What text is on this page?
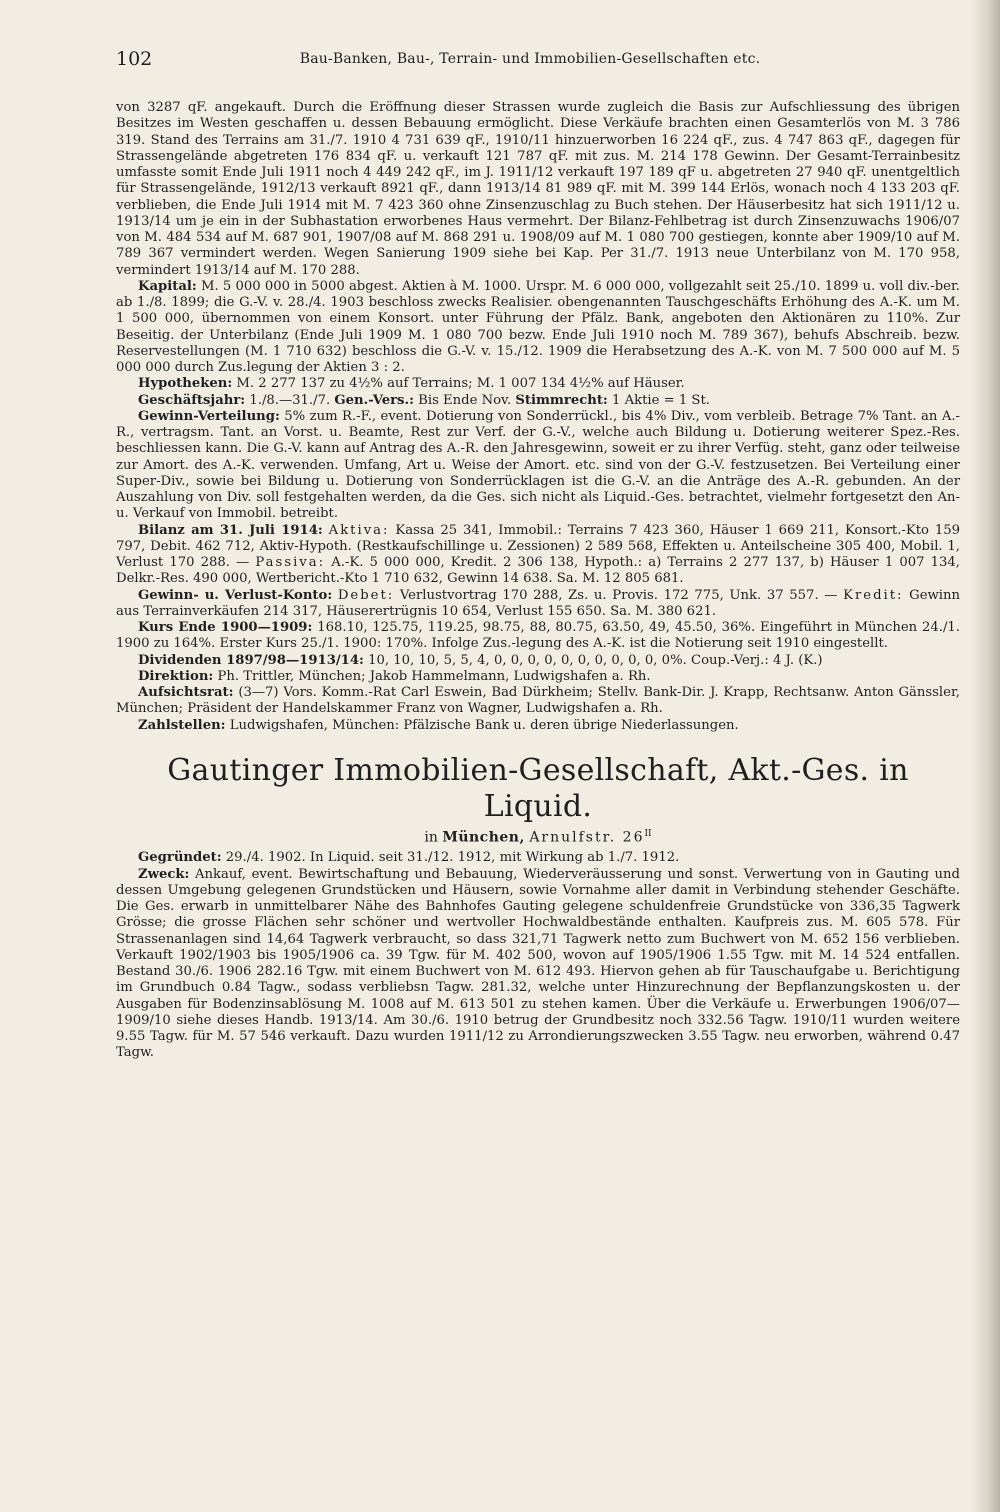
102	Bau-Banken, Bau-, Terrain- und Immobilien-Gesellschaften etc.

von 3287 qF. angekauft. Durch die Eröffnung dieser Strassen wurde zugleich die Basis zur Aufschliessung des übrigen Besitzes im Westen geschaffen u. dessen Bebauung ermöglicht. Diese Verkäufe brachten einen Gesamterlös von M. 3 786 319. Stand des Terrains am 31./7. 1910 4 731 639 qF., 1910/11 hinzuerworben 16 224 qF., zus. 4 747 863 qF., dagegen für Strassengelände abgetreten 176 834 qF. u. verkauft 121 787 qF. mit zus. M. 214 178 Gewinn. Der Gesamt-Terrainbesitz umfasste somit Ende Juli 1911 noch 4 449 242 qF., im J. 1911/12 verkauft 197 189 qF u. abgetreten 27 940 qF. unentgeltlich für Strassengelände, 1912/13 verkauft 8921 qF., dann 1913/14 81 989 qF. mit M. 399 144 Erlös, wonach noch 4 133 203 qF. verblieben, die Ende Juli 1914 mit M. 7 423 360 ohne Zinsenzuschlag zu Buch stehen. Der Häuserbesitz hat sich 1911/12 u. 1913/14 um je ein in der Subhastation erworbenes Haus vermehrt. Der Bilanz-Fehlbetrag ist durch Zinsenzuwachs 1906/07 von M. 484 534 auf M. 687 901, 1907/08 auf M. 868 291 u. 1908/09 auf M. 1 080 700 gestiegen, konnte aber 1909/10 auf M. 789 367 vermindert werden. Wegen Sanierung 1909 siehe bei Kap. Per 31./7. 1913 neue Unterbilanz von M. 170 958, vermindert 1913/14 auf M. 170 288.

Kapital: M. 5 000 000 in 5000 abgest. Aktien à M. 1000. Urspr. M. 6 000 000, vollgezahlt seit 25./10. 1899 u. voll div.-ber. ab 1./8. 1899; die G.-V. v. 28./4. 1903 beschloss zwecks Realisier. obengenannten Tauschgeschäfts Erhöhung des A.-K. um M. 1 500 000, übernommen von einem Konsort. unter Führung der Pfälz. Bank, angeboten den Aktionären zu 110%. Zur Beseitig. der Unterbilanz (Ende Juli 1909 M. 1 080 700 bezw. Ende Juli 1910 noch M. 789 367), behufs Abschreib. bezw. Reservestellungen (M. 1 710 632) beschloss die G.-V. v. 15./12. 1909 die Herabsetzung des A.-K. von M. 7 500 000 auf M. 5 000 000 durch Zus.legung der Aktien 3 : 2.

Hypotheken: M. 2 277 137 zu 4½% auf Terrains; M. 1 007 134 4½% auf Häuser.

Geschäftsjahr: 1./8.—31./7. Gen.-Vers.: Bis Ende Nov. Stimmrecht: 1 Aktie = 1 St.

Gewinn-Verteilung: 5% zum R.-F., event. Dotierung von Sonderrückl., bis 4% Div., vom verbleib. Betrage 7% Tant. an A.-R., vertragsm. Tant. an Vorst. u. Beamte, Rest zur Verf. der G.-V., welche auch Bildung u. Dotierung weiterer Spez.-Res. beschliessen kann. Die G.-V. kann auf Antrag des A.-R. den Jahresgewinn, soweit er zu ihrer Verfüg. steht, ganz oder teilweise zur Amort. des A.-K. verwenden. Umfang, Art u. Weise der Amort. etc. sind von der G.-V. festzusetzen. Bei Verteilung einer Super-Div., sowie bei Bildung u. Dotierung von Sonderrücklagen ist die G.-V. an die Anträge des A.-R. gebunden. An der Auszahlung von Div. soll festgehalten werden, da die Ges. sich nicht als Liquid.-Ges. betrachtet, vielmehr fortgesetzt den An- u. Verkauf von Immobil. betreibt.

Bilanz am 31. Juli 1914: Aktiva: Kassa 25 341, Immobil.: Terrains 7 423 360, Häuser 1 669 211, Konsort.-Kto 159 797, Debit. 462 712, Aktiv-Hypoth. (Restkaufschillinge u. Zessionen) 2 589 568, Effekten u. Anteilscheine 305 400, Mobil. 1, Verlust 170 288. — Passiva: A.-K. 5 000 000, Kredit. 2 306 138, Hypoth.: a) Terrains 2 277 137, b) Häuser 1 007 134, Delkr.-Res. 490 000, Wertbericht.-Kto 1 710 632, Gewinn 14 638. Sa. M. 12 805 681.

Gewinn- u. Verlust-Konto: Debet: Verlustvortrag 170 288, Zs. u. Provis. 172 775, Unk. 37 557. — Kredit: Gewinn aus Terrainverkäufen 214 317, Häuserertrügnis 10 654, Verlust 155 650. Sa. M. 380 621.

Kurs Ende 1900—1909: 168.10, 125.75, 119.25, 98.75, 88, 80.75, 63.50, 49, 45.50, 36%. Eingeführt in München 24./1. 1900 zu 164%. Erster Kurs 25./1. 1900: 170%. Infolge Zus.-legung des A.-K. ist die Notierung seit 1910 eingestellt.

Dividenden 1897/98—1913/14: 10, 10, 10, 5, 5, 4, 0, 0, 0, 0, 0, 0, 0, 0, 0, 0, 0%. Coup.-Verj.: 4 J. (K.)

Direktion: Ph. Trittler, München; Jakob Hammelmann, Ludwigshafen a. Rh.

Aufsichtsrat: (3—7) Vors. Komm.-Rat Carl Eswein, Bad Dürkheim; Stellv. Bank-Dir. J. Krapp, Rechtsanw. Anton Gänssler, München; Präsident der Handelskammer Franz von Wagner, Ludwigshafen a. Rh.

Zahlstellen: Ludwigshafen, München: Pfälzische Bank u. deren übrige Niederlassungen.

Gautinger Immobilien-Gesellschaft, Akt.-Ges. in Liquid.
in München, Arnulfstr. $26^{II}$

Gegründet: 29./4. 1902. In Liquid. seit 31./12. 1912, mit Wirkung ab 1./7. 1912.

Zweck: Ankauf, event. Bewirtschaftung und Bebauung, Wiederveräusserung und sonst. Verwertung von in Gauting und dessen Umgebung gelegenen Grundstücken und Häusern, sowie Vornahme aller damit in Verbindung stehender Geschäfte. Die Ges. erwarb in unmittelbarer Nähe des Bahnhofes Gauting gelegene schuldenfreie Grundstücke von 336,35 Tagwerk Grösse; die grosse Flächen sehr schöner und wertvoller Hochwaldbestände enthalten. Kaufpreis zus. M. 605 578. Für Strassenanlagen sind 14,64 Tagwerk verbraucht, so dass 321,71 Tagwerk netto zum Buchwert von M. 652 156 verblieben. Verkauft 1902/1903 bis 1905/1906 ca. 39 Tgw. für M. 402 500, wovon auf 1905/1906 1.55 Tgw. mit M. 14 524 entfallen. Bestand 30./6. 1906 282.16 Tgw. mit einem Buchwert von M. 612 493. Hiervon gehen ab für Tauschaufgabe u. Berichtigung im Grundbuch 0.84 Tagw., sodass verbliebsn Tagw. 281.32, welche unter Hinzurechnung der Bepflanzungskosten u. der Ausgaben für Bodenzinsablösung M. 1008 auf M. 613 501 zu stehen kamen. Über die Verkäufe u. Erwerbungen 1906/07—1909/10 siehe dieses Handb. 1913/14. Am 30./6. 1910 betrug der Grundbesitz noch 332.56 Tagw. 1910/11 wurden weitere 9.55 Tagw. für M. 57 546 verkauft. Dazu wurden 1911/12 zu Arrondierungszwecken 3.55 Tagw. neu erworben, während 0.47 Tagw.
